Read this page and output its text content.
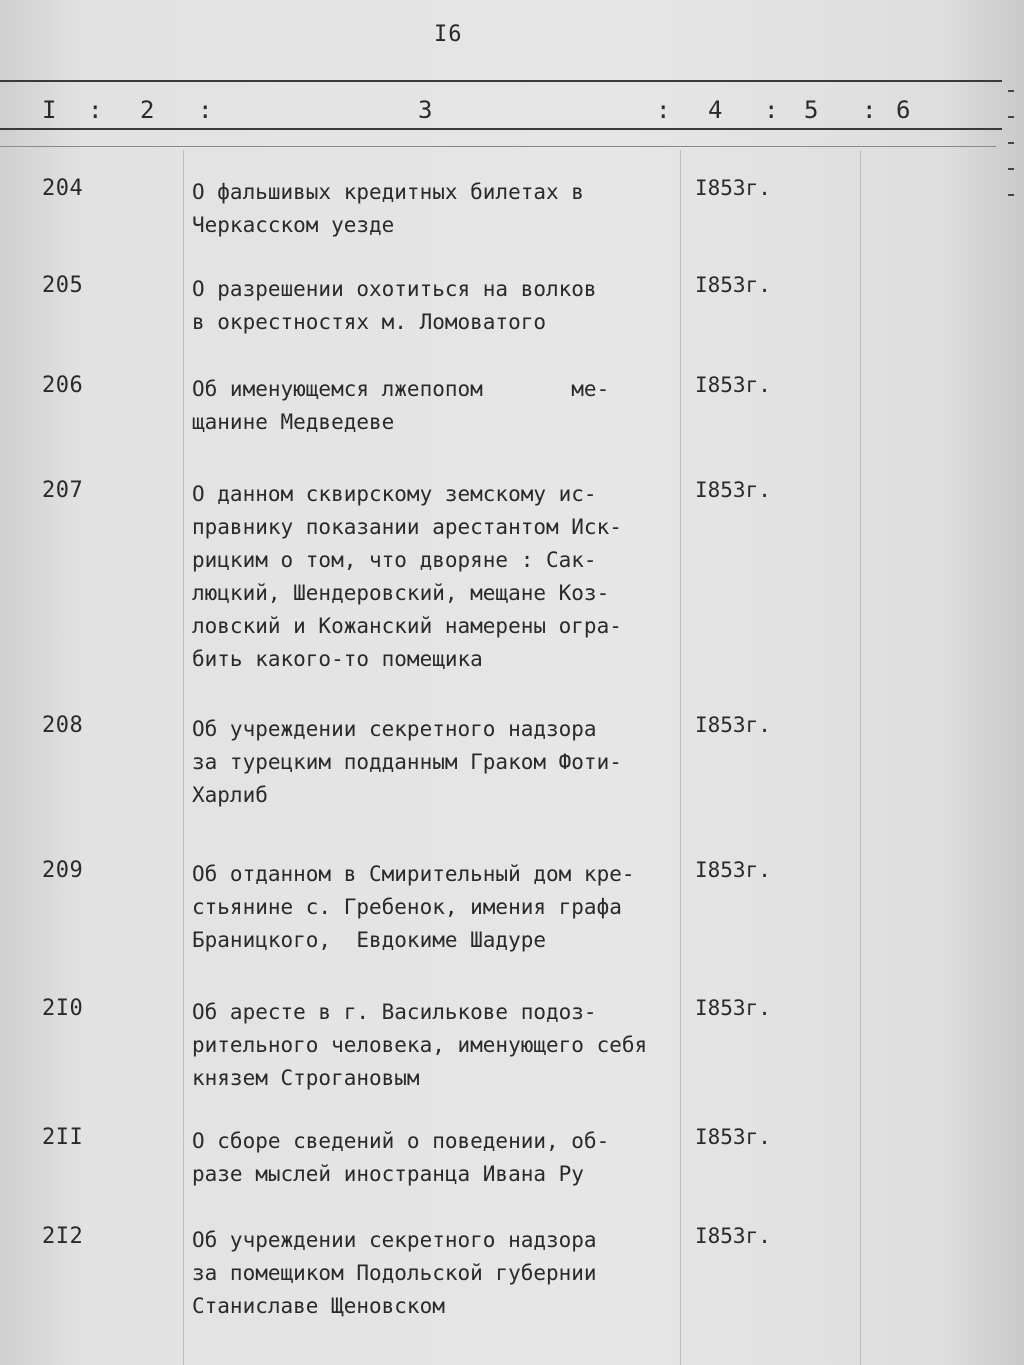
I6
I : 2 :	3	: 4 : 5 : 6
204	О фальшивых кредитных билетах в
Черкасском уезде
I853г.
205	О разрешении охотиться на волков
в окрестностях м. Ломоватого
I853г.
206	Об именующемся лжепопом       ме-
щанине Медведеве
I853г.
207	О данном сквирскому земскому ис-
правнику показании арестантом Иск-
рицким о том, что дворяне : Сак-
люцкий, Шендеровский, мещане Коз-
ловский и Кожанский намерены огра-
бить какого-то помещика
I853г.
208	Об учреждении секретного надзора
за турецким подданным Граком Фоти-
Харлиб
I853г.
209	Об отданном в Смирительный дом кре-
стьянине с. Гребенок, имения графа
Браницкого,  Евдокиме Шадуре
I853г.
2I0	Об аресте в г. Василькове подоз-
рительного человека, именующего себя
князем Строгановым
I853г.
2II	О сборе сведений о поведении, об-
разе мыслей иностранца Ивана Ру
I853г.
2I2	Об учреждении секретного надзора
за помещиком Подольской губернии
Станиславе Щеновском
I853г.
